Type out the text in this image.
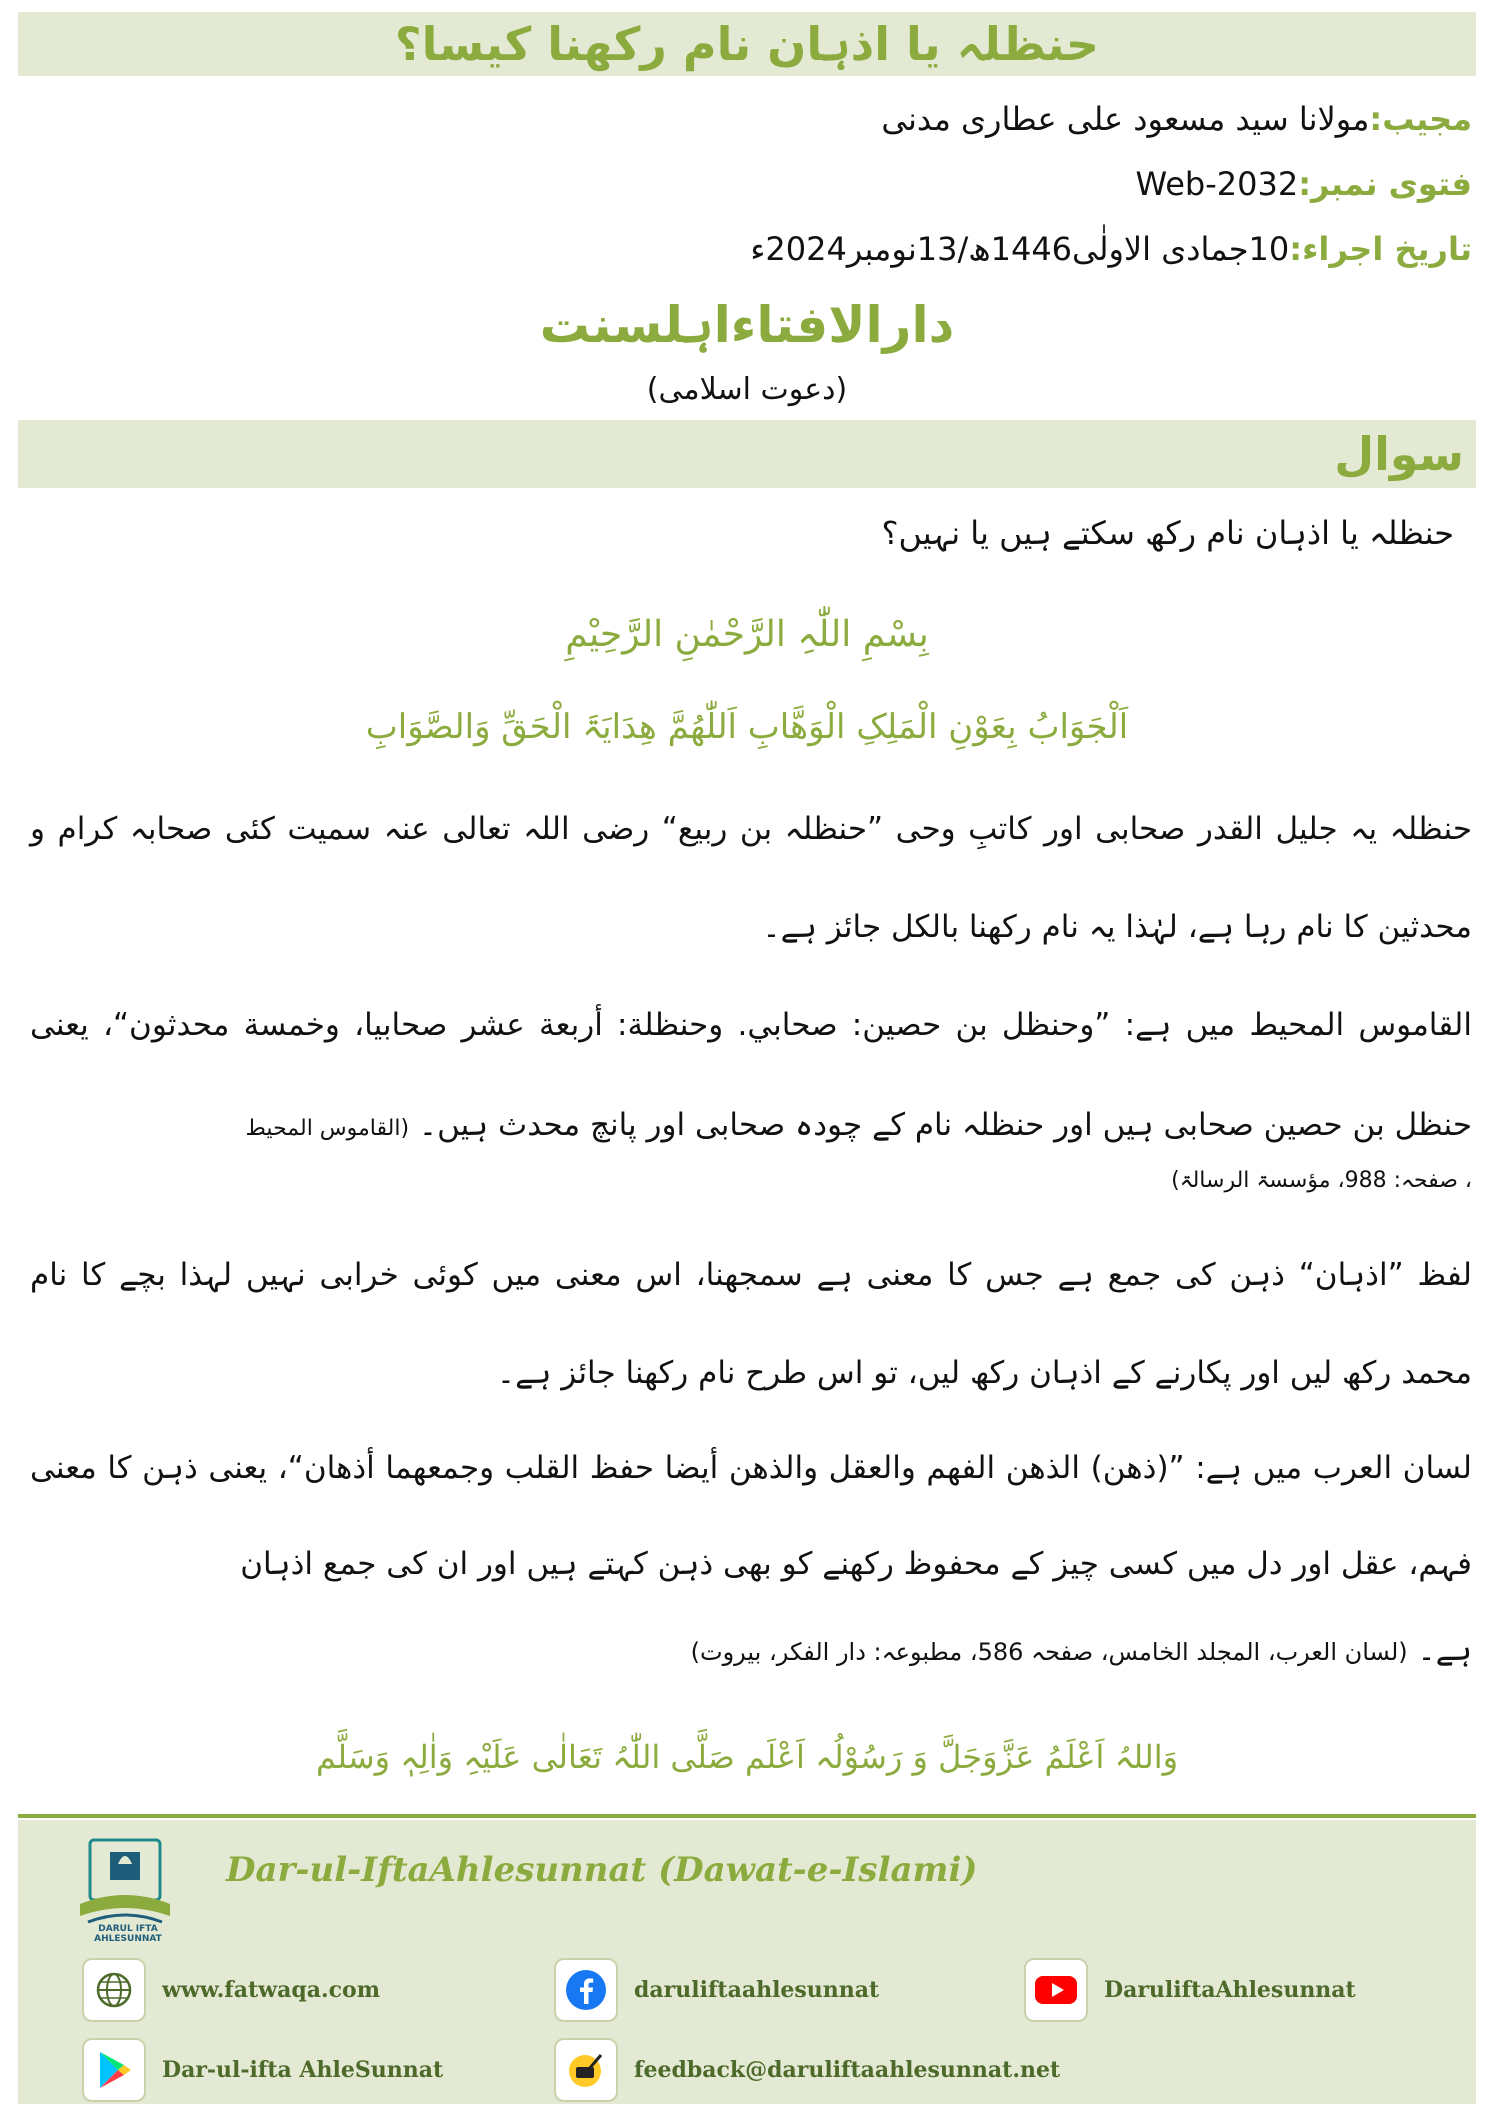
حنظلہ یا اذہان نام رکھنا کیسا؟
مجیب:مولانا سید مسعود علی عطاری مدنی
فتوی نمبر:Web-2032
تاریخ اجراء:10جمادی الاولٰی1446ھ/13نومبر2024ء
دارالافتاءاہلسنت
(دعوت اسلامی)
سوال
حنظلہ یا اذہان نام رکھ سکتے ہیں یا نہیں؟
بِسْمِ اللّٰہِ الرَّحْمٰنِ الرَّحِیْمِ
اَلْجَوَابُ بِعَوْنِ الْمَلِکِ الْوَھَّابِ اَللّٰھُمَّ ھِدَایَۃَ الْحَقِّ وَالصَّوَابِ
حنظلہ یہ جلیل القدر صحابی اور کاتبِ وحی ”حنظلہ بن ربیع“ رضی اللہ تعالی عنہ سمیت کئی صحابہ کرام و محدثین کا نام رہا ہے، لہٰذا یہ نام رکھنا بالکل جائز ہے۔
القاموس المحیط میں ہے: ”وحنظل بن حصين: صحابي. وحنظلة: أربعة عشر صحابيا، وخمسة محدثون“، یعنی حنظل بن حصین صحابی ہیں اور حنظلہ نام کے چودہ صحابی اور پانچ محدث ہیں۔ (القاموس المحیط
، صفحہ: 988، مؤسسۃ الرسالۃ)
لفظ ”اذہان“ ذہن کی جمع ہے جس کا معنی ہے سمجھنا، اس معنی میں کوئی خرابی نہیں لہذا بچے کا نام محمد رکھ لیں اور پکارنے کے اذہان رکھ لیں، تو اس طرح نام رکھنا جائز ہے۔
لسان العرب میں ہے: ”(ذهن) الذهن الفهم والعقل والذهن أيضا حفظ القلب وجمعهما أذهان“، یعنی ذہن کا معنی فہم، عقل اور دل میں کسی چیز کے محفوظ رکھنے کو بھی ذہن کہتے ہیں اور ان کی جمع اذہان
ہے۔ (لسان العرب، المجلد الخامس، صفحہ 586، مطبوعہ: دار الفکر، بیروت)
وَاللہُ اَعْلَمُ عَزَّوَجَلَّ وَ رَسُوْلُہ اَعْلَم صَلَّی اللّٰہُ تَعَالٰی عَلَیْہِ وَاٰلِہٖ وَسَلَّم
DARUL IFTA AHLESUNNAT
Dar-ul-IftaAhlesunnat (Dawat-e-Islami)
www.fatwaqa.com	daruliftaahlesunnat	DaruliftaAhlesunnat
Dar-ul-ifta AhleSunnat	feedback@daruliftaahlesunnat.net
